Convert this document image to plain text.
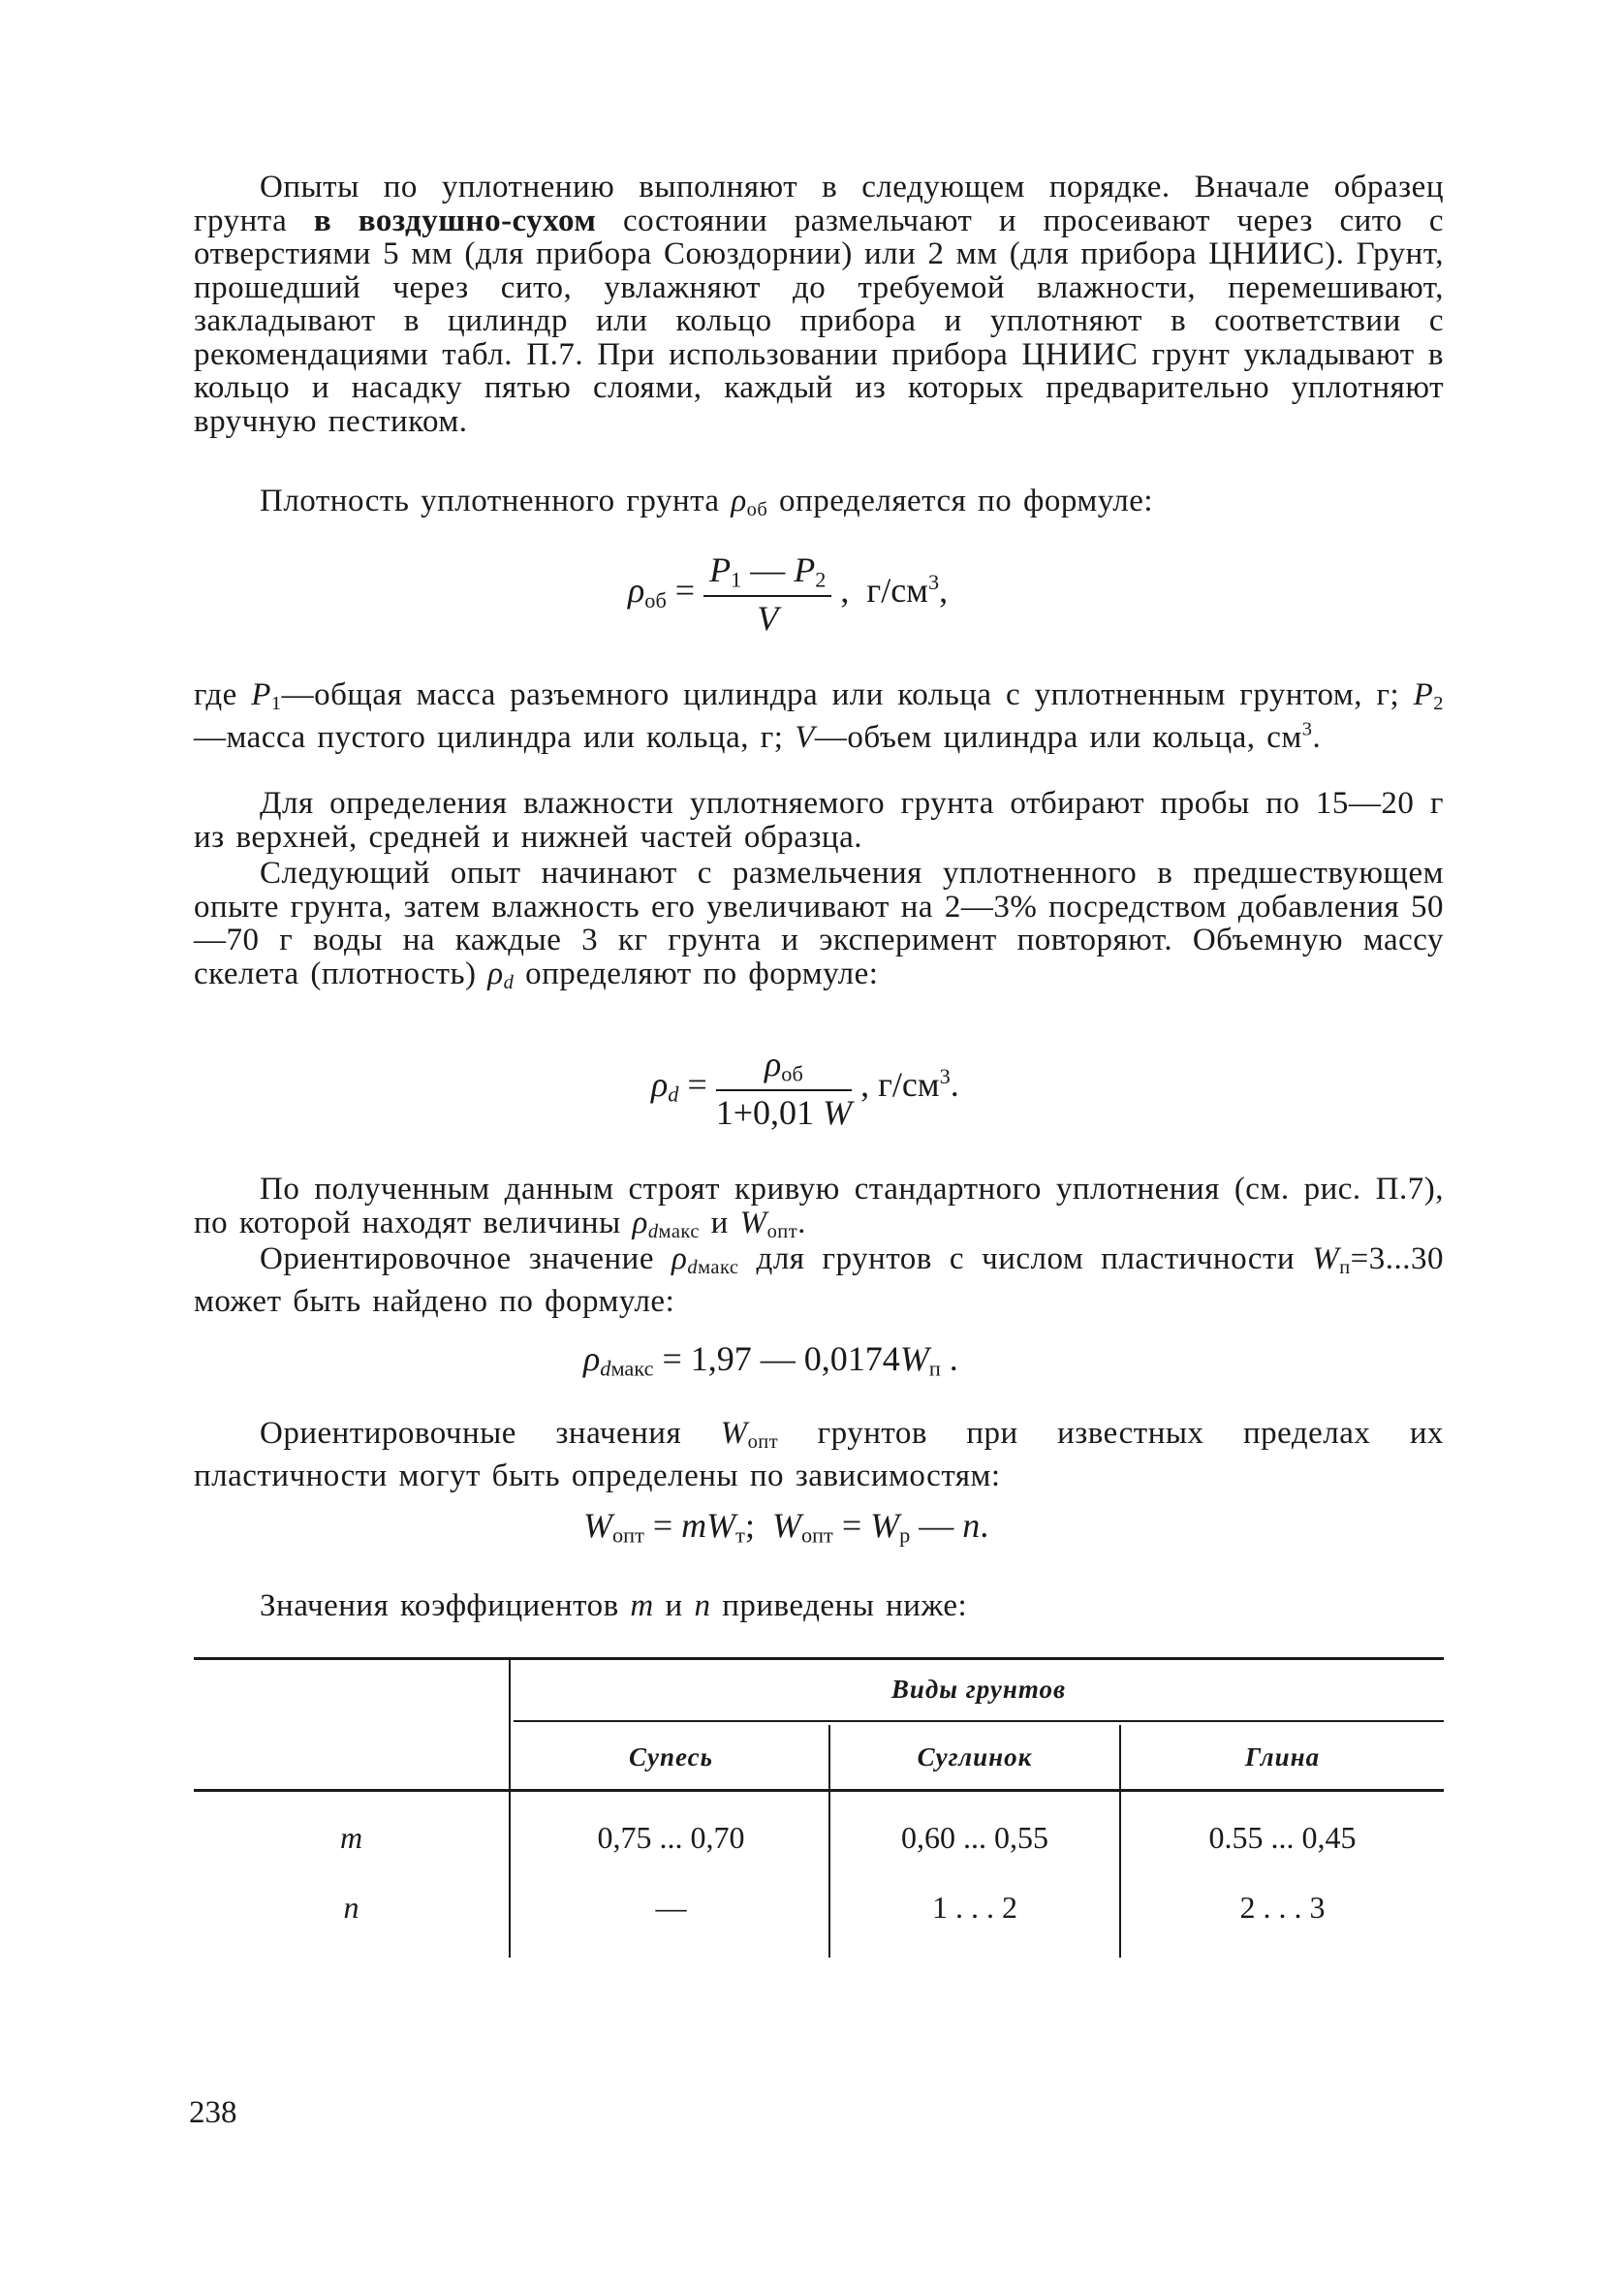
Опыты по уплотнению выполняют в следующем порядке. Вначале образец грунта в воздушно-сухом состоянии размельчают и просеивают через сито с отверстиями 5 мм (для прибора Союздорнии) или 2 мм (для прибора ЦНИИС). Грунт, прошедший через сито, увлажняют до требуемой влажности, перемешивают, закладывают в цилиндр или кольцо прибора и уплотняют в соответствии с рекомендациями табл. П.7. При использовании прибора ЦНИИС грунт укладывают в кольцо и насадку пятью слоями, каждый из которых предварительно уплотняют вручную пестиком.

Плотность уплотненного грунта $\rho_{об}$ определяется по формуле:

$\rho_{об} = \frac{P_1 — P_2}{V}$ ,  $г/см^3$,

где $P_1—общая$ масса разъемного цилиндра или кольца с уплотненным грунтом, г; $P_2—масса$ пустого цилиндра или кольца, г; V—объем цилиндра или кольца, $см^3$.

Для определения влажности уплотняемого грунта отбирают пробы по 15—20 г из верхней, средней и нижней частей образца.

Следующий опыт начинают с размельчения уплотненного в предшествующем опыте грунта, затем влажность его увеличивают на 2—3% посредством добавления 50—70 г воды на каждые 3 кг грунта и эксперимент повторяют. Объемную массу скелета (плотность) $\rho_d$ определяют по формуле:

$\rho_d = \frac{\rho_{об}}{1+0,01 W}$ , $г/см^3$.

По полученным данным строят кривую стандартного уплотнения (см. рис. П.7), по которой находят величины $\rho_{dмакс}$ и $W_{опт}$.

Ориентировочное значение $\rho_{dмакс}$ для грунтов с числом пластичности $W_п=3...30$ может быть найдено по формуле:

$\rho_{dмакс} = 1,97$ — $0,0174W_п$ .

Ориентировочные значения $W_{опт}$ грунтов при известных пределах их пластичности могут быть определены по зависимостям:

$W_{опт} = mW_т$;  $W_{опт} = W_р$ — n.

Значения коэффициентов m и n приведены ниже:

Виды грунтов
Супесь	Суглинок	Глина
m	0,75 ... 0,70	0,60 ... 0,55	0.55 ... 0,45
n	—	1 . . . 2	2 . . . 3
238
